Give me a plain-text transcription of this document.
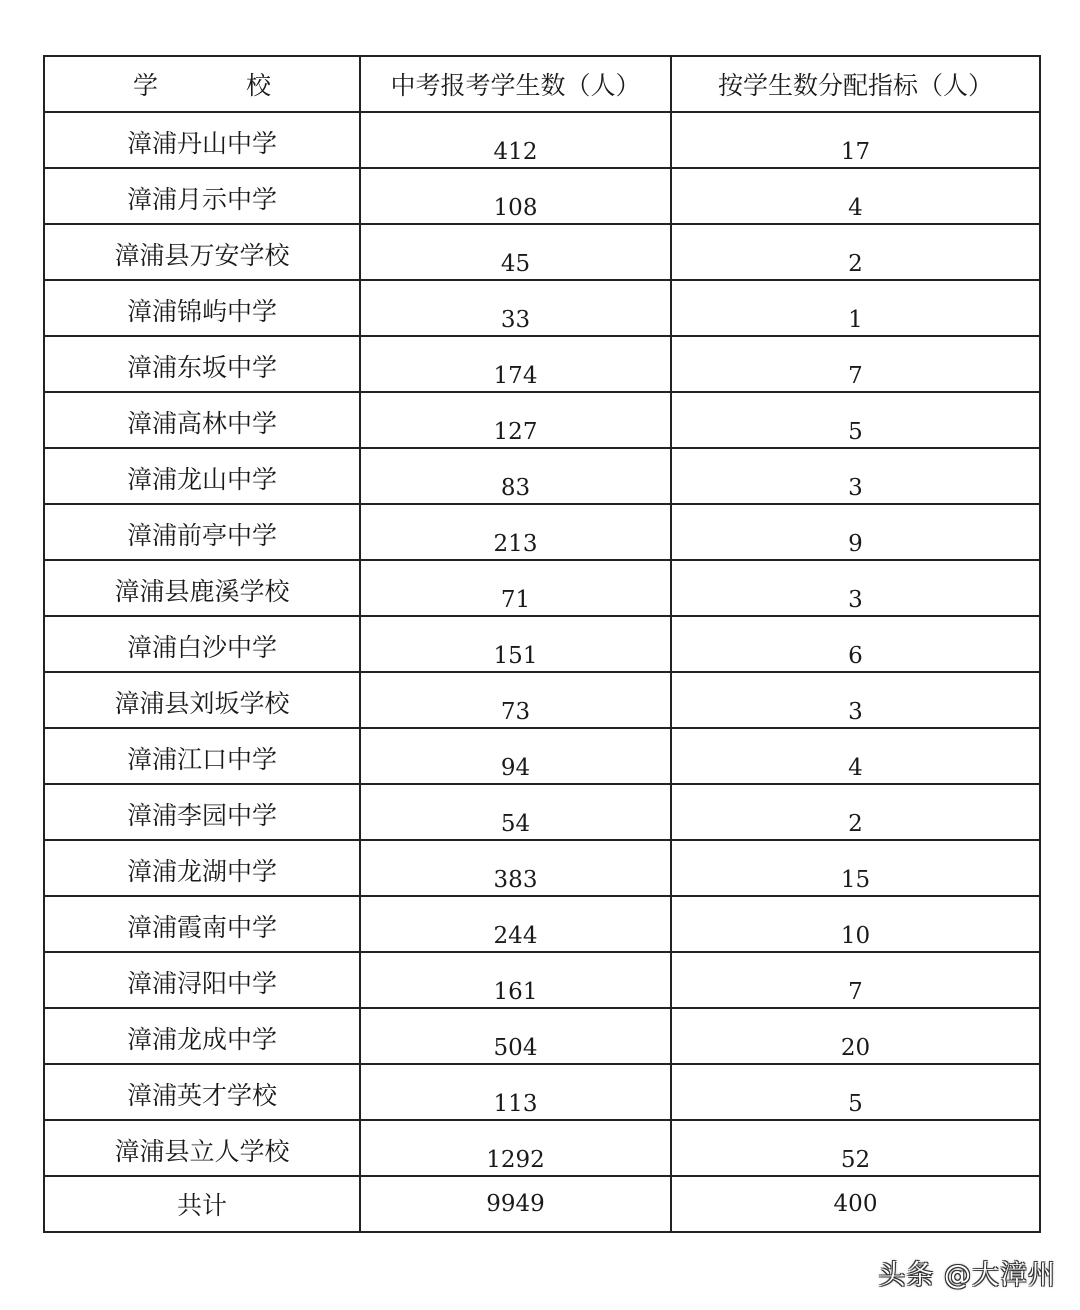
学 校	中考报考学生数（人）	按学生数分配指标（人）
漳浦丹山中学	412	17
漳浦月示中学	108	4
漳浦县万安学校	45	2
漳浦锦屿中学	33	1
漳浦东坂中学	174	7
漳浦高林中学	127	5
漳浦龙山中学	83	3
漳浦前亭中学	213	9
漳浦县鹿溪学校	71	3
漳浦白沙中学	151	6
漳浦县刘坂学校	73	3
漳浦江口中学	94	4
漳浦李园中学	54	2
漳浦龙湖中学	383	15
漳浦霞南中学	244	10
漳浦浔阳中学	161	7
漳浦龙成中学	504	20
漳浦英才学校	113	5
漳浦县立人学校	1292	52
共计	9949	400
头条 @大漳州
